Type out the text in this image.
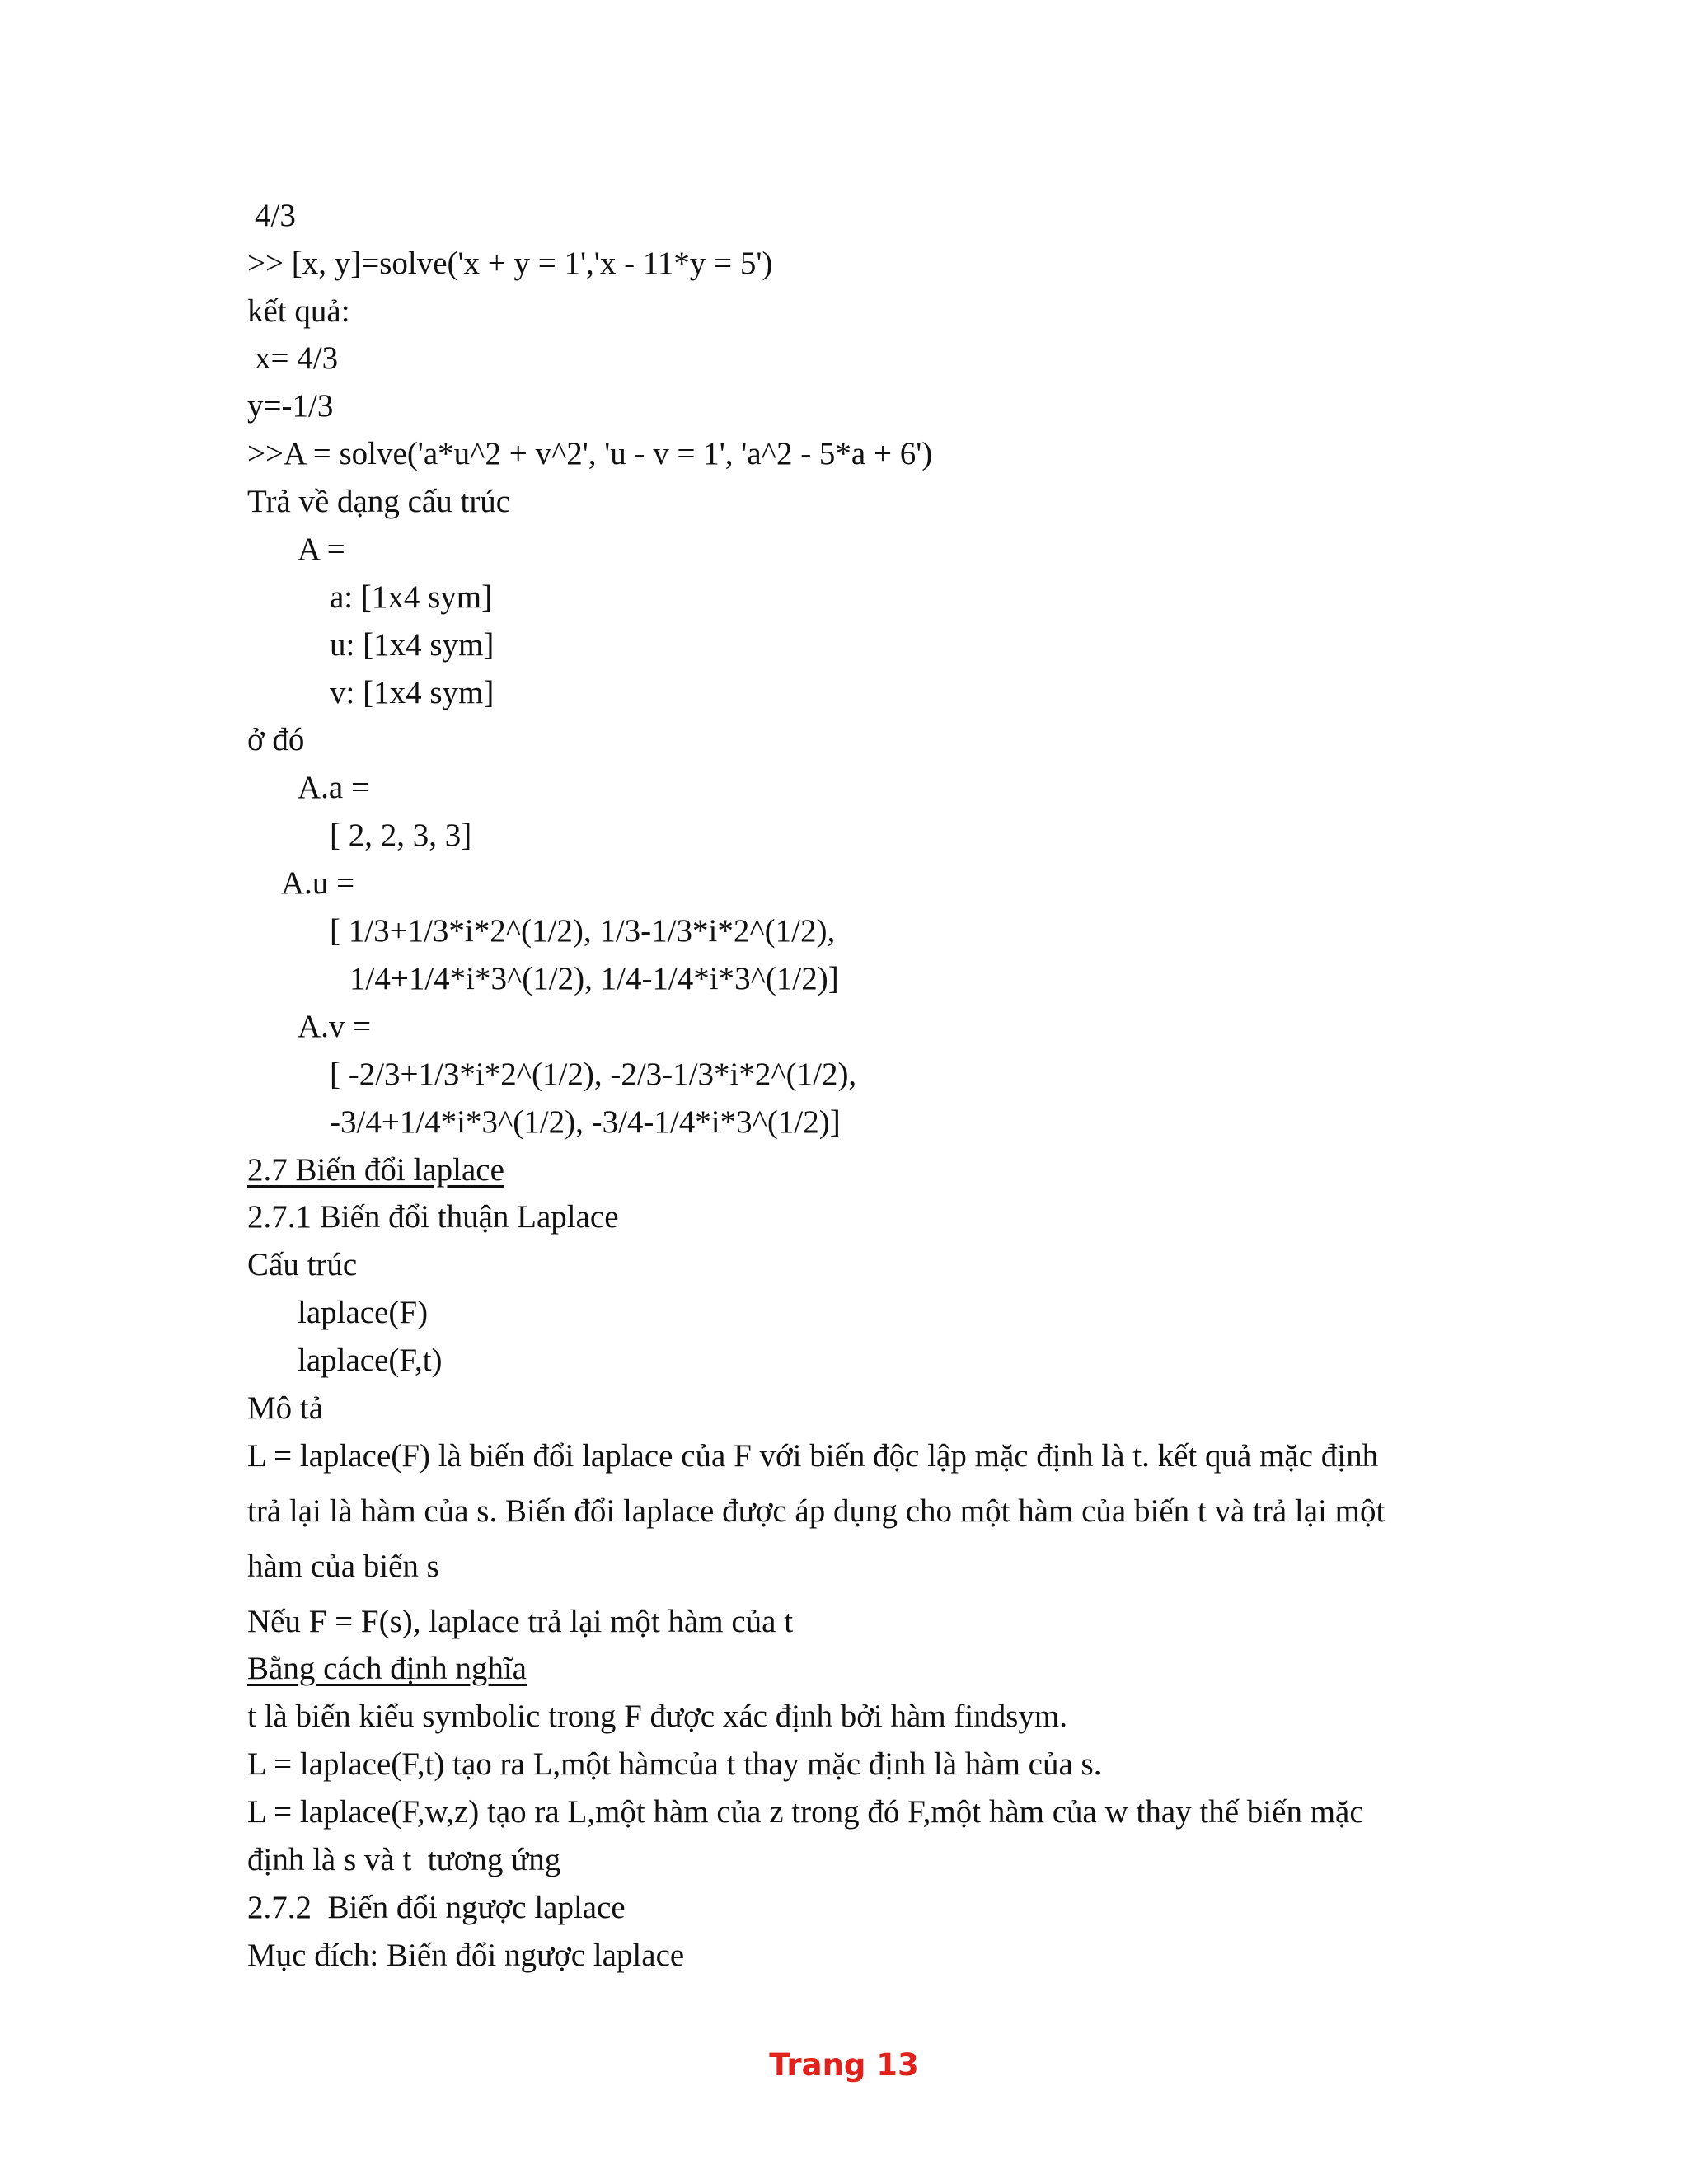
4/3
>> [x, y]=solve('x + y = 1','x - 11*y = 5')
kết quả:
x= 4/3
y=-1/3
>>A = solve('a*u^2 + v^2', 'u - v = 1', 'a^2 - 5*a + 6')
Trả về dạng cấu trúc
A =
a: [1x4 sym]
u: [1x4 sym]
v: [1x4 sym]
ở đó
A.a =
[ 2, 2, 3, 3]
A.u =
[ 1/3+1/3*i*2^(1/2), 1/3-1/3*i*2^(1/2),
1/4+1/4*i*3^(1/2), 1/4-1/4*i*3^(1/2)]
A.v =
[ -2/3+1/3*i*2^(1/2), -2/3-1/3*i*2^(1/2),
-3/4+1/4*i*3^(1/2), -3/4-1/4*i*3^(1/2)]
2.7 Biến đổi laplace
2.7.1 Biến đổi thuận Laplace
Cấu trúc
laplace(F)
laplace(F,t)
Mô tả
L = laplace(F) là biến đổi laplace của F với biến độc lập mặc định là t. kết quả mặc định
trả lại là hàm của s. Biến đổi laplace được áp dụng cho một hàm của biến t và trả lại một
hàm của biến s
Nếu F = F(s), laplace trả lại một hàm của t
Bằng cách định nghĩa
t là biến kiểu symbolic trong F được xác định bởi hàm findsym.
L = laplace(F,t) tạo ra L,một hàmcủa t thay mặc định là hàm của s.
L = laplace(F,w,z) tạo ra L,một hàm của z trong đó F,một hàm của w thay thế biến mặc
định là s và t  tương ứng
2.7.2  Biến đổi ngược laplace
Mục đích: Biến đổi ngược laplace
Trang 13
